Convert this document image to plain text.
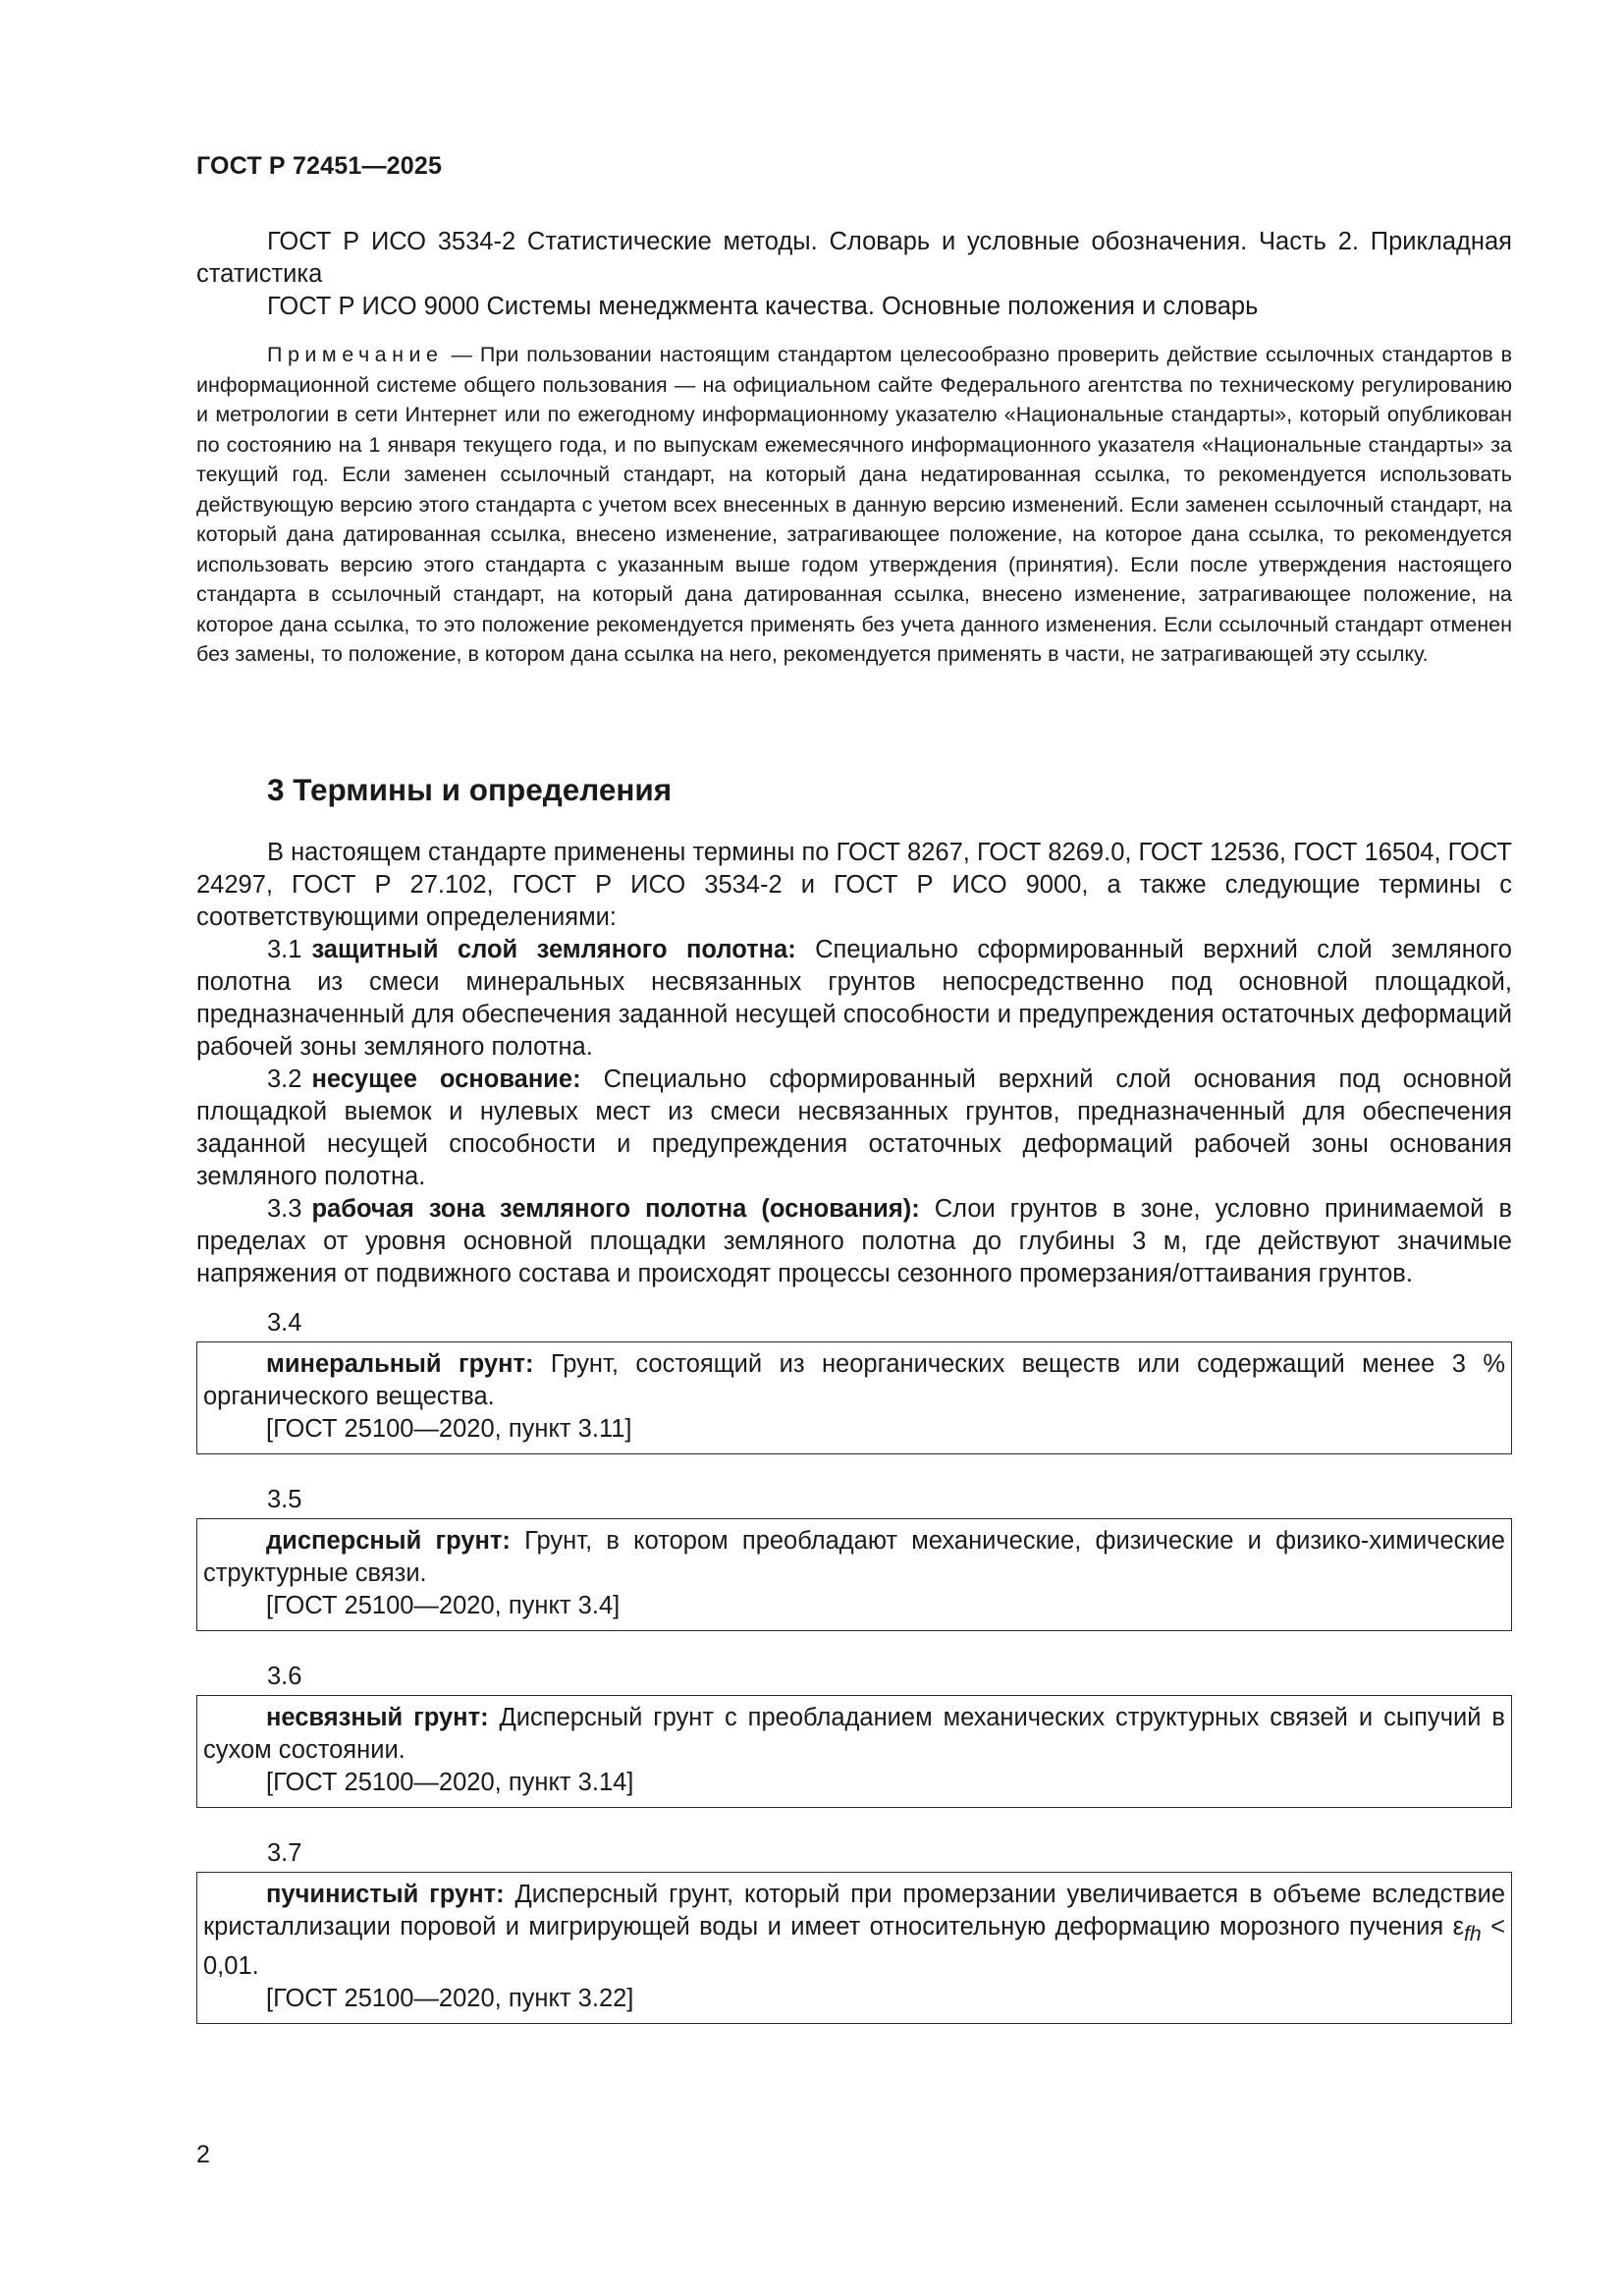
ГОСТ Р 72451—2025

ГОСТ Р ИСО 3534-2 Статистические методы. Словарь и условные обозначения. Часть 2. Прикладная статистика

ГОСТ Р ИСО 9000 Системы менеджмента качества. Основные положения и словарь

Примечание — При пользовании настоящим стандартом целесообразно проверить действие ссылочных стандартов в информационной системе общего пользования — на официальном сайте Федерального агентства по техническому регулированию и метрологии в сети Интернет или по ежегодному информационному указателю «Национальные стандарты», который опубликован по состоянию на 1 января текущего года, и по выпускам ежемесячного информационного указателя «Национальные стандарты» за текущий год. Если заменен ссылочный стандарт, на который дана недатированная ссылка, то рекомендуется использовать действующую версию этого стандарта с учетом всех внесенных в данную версию изменений. Если заменен ссылочный стандарт, на который дана датированная ссылка, внесено изменение, затрагивающее положение, на которое дана ссылка, то рекомендуется использовать версию этого стандарта с указанным выше годом утверждения (принятия). Если после утверждения настоящего стандарта в ссылочный стандарт, на который дана датированная ссылка, внесено изменение, затрагивающее положение, на которое дана ссылка, то это положение рекомендуется применять без учета данного изменения. Если ссылочный стандарт отменен без замены, то положение, в котором дана ссылка на него, рекомендуется применять в части, не затрагивающей эту ссылку.

3 Термины и определения

В настоящем стандарте применены термины по ГОСТ 8267, ГОСТ 8269.0, ГОСТ 12536, ГОСТ 16504, ГОСТ 24297, ГОСТ Р 27.102, ГОСТ Р ИСО 3534-2 и ГОСТ Р ИСО 9000, а также следующие термины с соответствующими определениями:

3.1 защитный слой земляного полотна: Специально сформированный верхний слой земляного полотна из смеси минеральных несвязанных грунтов непосредственно под основной площадкой, предназначенный для обеспечения заданной несущей способности и предупреждения остаточных деформаций рабочей зоны земляного полотна.

3.2 несущее основание: Специально сформированный верхний слой основания под основной площадкой выемок и нулевых мест из смеси несвязанных грунтов, предназначенный для обеспечения заданной несущей способности и предупреждения остаточных деформаций рабочей зоны основания земляного полотна.

3.3 рабочая зона земляного полотна (основания): Слои грунтов в зоне, условно принимаемой в пределах от уровня основной площадки земляного полотна до глубины 3 м, где действуют значимые напряжения от подвижного состава и происходят процессы сезонного промерзания/оттаивания грунтов.

3.4

минеральный грунт: Грунт, состоящий из неорганических веществ или содержащий менее 3 % органического вещества.

[ГОСТ 25100—2020, пункт 3.11]

3.5

дисперсный грунт: Грунт, в котором преобладают механические, физические и физико-химические структурные связи.

[ГОСТ 25100—2020, пункт 3.4]

3.6

несвязный грунт: Дисперсный грунт с преобладанием механических структурных связей и сыпучий в сухом состоянии.

[ГОСТ 25100—2020, пункт 3.14]

3.7

пучинистый грунт: Дисперсный грунт, который при промерзании увеличивается в объеме вследствие кристаллизации поровой и мигрирующей воды и имеет относительную деформацию морозного пучения $\varepsilon_{fh} < 0,01$.

[ГОСТ 25100—2020, пункт 3.22]

2
